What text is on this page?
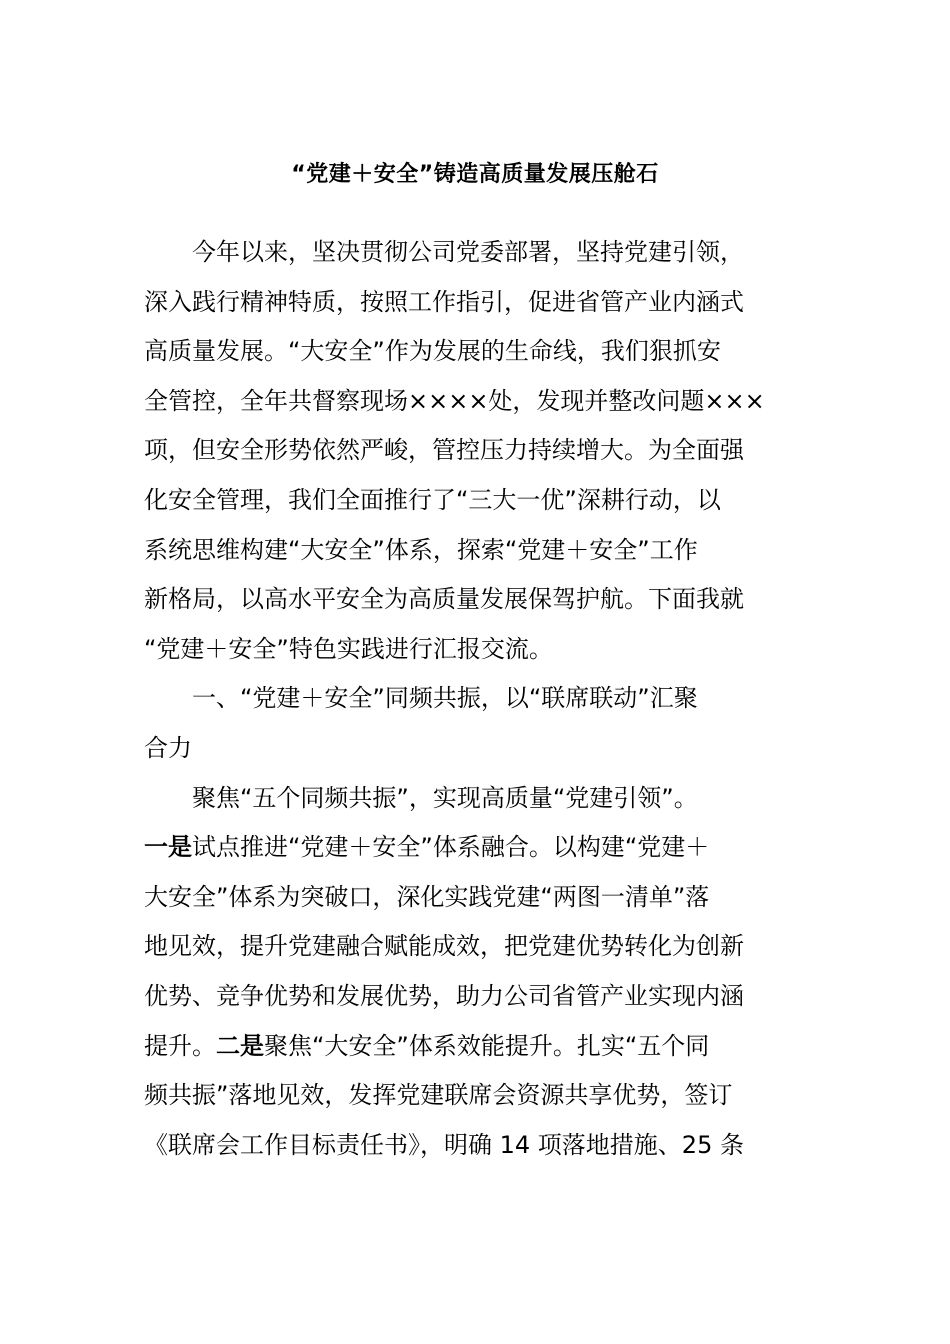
“党建＋安全”铸造高质量发展压舱石
今年以来，坚决贯彻公司党委部署，坚持党建引领，
深入践行精神特质，按照工作指引，促进省管产业内涵式
高质量发展。“大安全”作为发展的生命线，我们狠抓安
全管控，全年共督察现场××××处，发现并整改问题×××
项，但安全形势依然严峻，管控压力持续增大。为全面强
化安全管理，我们全面推行了“三大一优”深耕行动，以
系统思维构建“大安全”体系，探索“党建＋安全”工作
新格局，以高水平安全为高质量发展保驾护航。下面我就
“党建＋安全”特色实践进行汇报交流。
一、“党建＋安全”同频共振，以“联席联动”汇聚
合力
聚焦“五个同频共振”，实现高质量“党建引领”。
一是试点推进“党建＋安全”体系融合。以构建“党建＋
大安全”体系为突破口，深化实践党建“两图一清单”落
地见效，提升党建融合赋能成效，把党建优势转化为创新
优势、竞争优势和发展优势，助力公司省管产业实现内涵
提升。二是聚焦“大安全”体系效能提升。扎实“五个同
频共振”落地见效，发挥党建联席会资源共享优势，签订
《联席会工作目标责任书》，明确 14 项落地措施、25 条
